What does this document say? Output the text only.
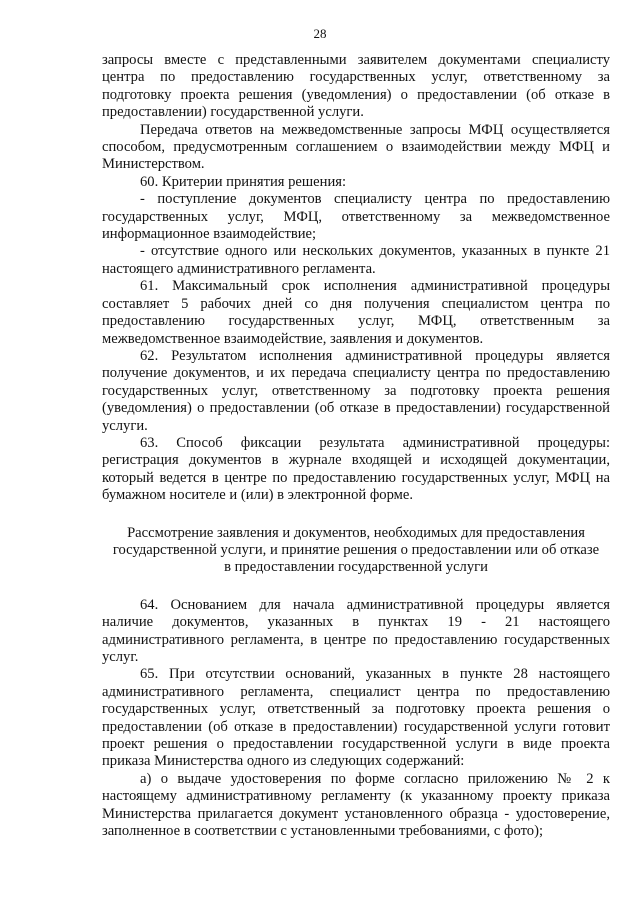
28

запросы вместе с представленными заявителем документами специалисту центра по предоставлению государственных услуг, ответственному за подготовку проекта решения (уведомления) о предоставлении (об отказе в предоставлении) государственной услуги.

Передача ответов на межведомственные запросы МФЦ осуществляется способом, предусмотренным соглашением о взаимодействии между МФЦ и Министерством.

60. Критерии принятия решения:

- поступление документов специалисту центра по предоставлению государственных услуг, МФЦ, ответственному за межведомственное информационное взаимодействие;

- отсутствие одного или нескольких документов, указанных в пункте 21 настоящего административного регламента.

61. Максимальный срок исполнения административной процедуры составляет 5 рабочих дней со дня получения специалистом центра по предоставлению государственных услуг, МФЦ, ответственным за межведомственное взаимодействие, заявления и документов.

62. Результатом исполнения административной процедуры является получение документов, и их передача специалисту центра по предоставлению государственных услуг, ответственному за подготовку проекта решения (уведомления) о предоставлении (об отказе в предоставлении) государственной услуги.

63. Способ фиксации результата административной процедуры: регистрация документов в журнале входящей и исходящей документации, который ведется в центре по предоставлению государственных услуг, МФЦ на бумажном носителе и (или) в электронной форме.

Рассмотрение заявления и документов, необходимых для предоставления государственной услуги, и принятие решения о предоставлении или об отказе в предоставлении государственной услуги

64. Основанием для начала административной процедуры является наличие документов, указанных в пунктах 19 - 21 настоящего административного регламента, в центре по предоставлению государственных услуг.

65. При отсутствии оснований, указанных в пункте 28 настоящего административного регламента, специалист центра по предоставлению государственных услуг, ответственный за подготовку проекта решения о предоставлении (об отказе в предоставлении) государственной услуги готовит проект решения о предоставлении государственной услуги в виде проекта приказа Министерства одного из следующих содержаний:

а) о выдаче удостоверения по форме согласно приложению № 2 к настоящему административному регламенту (к указанному проекту приказа Министерства прилагается документ установленного образца - удостоверение, заполненное в соответствии с установленными требованиями, с фото);
